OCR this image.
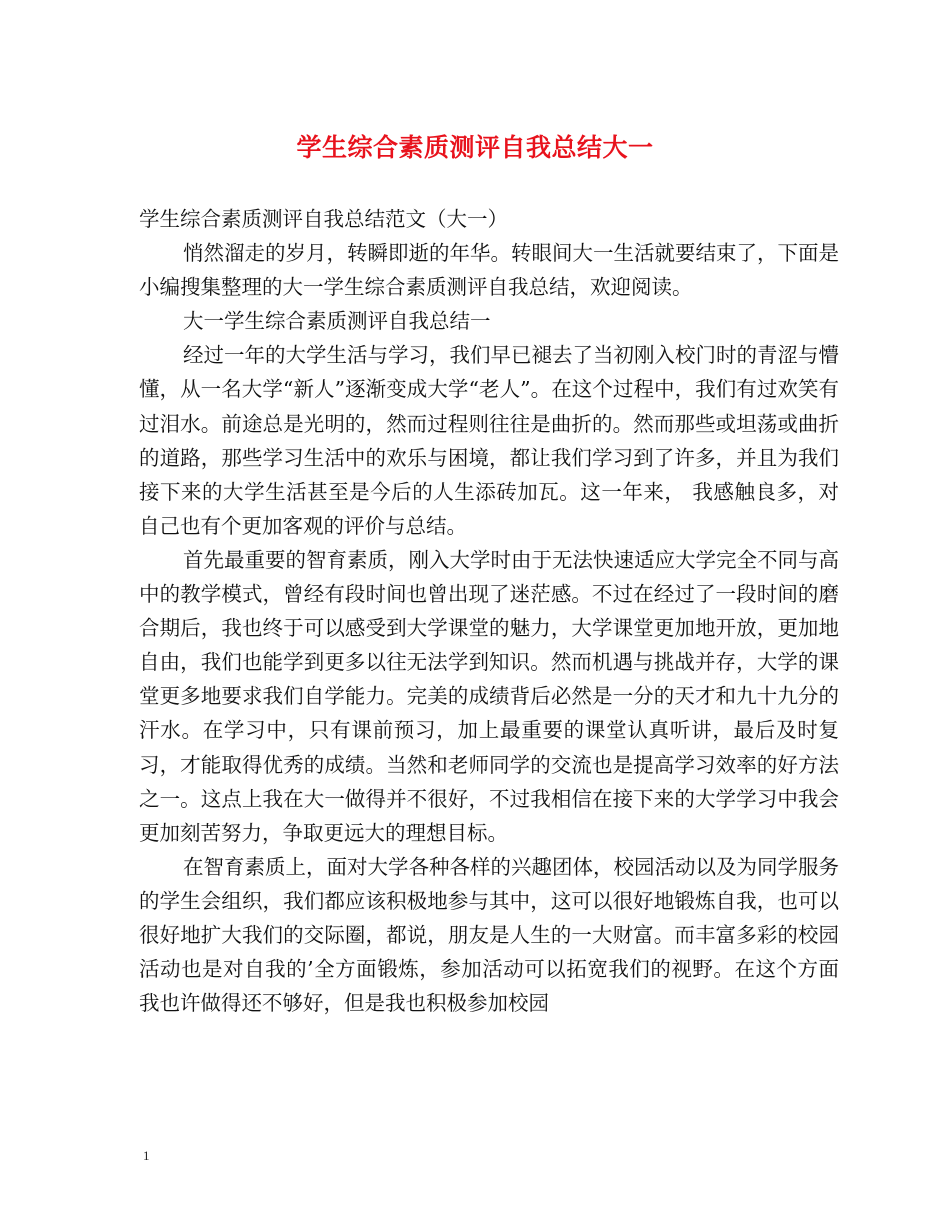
学生综合素质测评自我总结大一

学生综合素质测评自我总结范文（大一）

悄然溜走的岁月，转瞬即逝的年华。转眼间大一生活就要结束了，下面是小编搜集整理的大一学生综合素质测评自我总结，欢迎阅读。

大一学生综合素质测评自我总结一

经过一年的大学生活与学习，我们早已褪去了当初刚入校门时的青涩与懵懂，从一名大学“新人”逐渐变成大学“老人”。在这个过程中，我们有过欢笑有过泪水。前途总是光明的，然而过程则往往是曲折的。然而那些或坦荡或曲折的道路，那些学习生活中的欢乐与困境，都让我们学习到了许多，并且为我们接下来的大学生活甚至是今后的人生添砖加瓦。这一年来， 我感触良多，对自己也有个更加客观的评价与总结。

首先最重要的智育素质，刚入大学时由于无法快速适应大学完全不同与高中的教学模式，曾经有段时间也曾出现了迷茫感。不过在经过了一段时间的磨合期后，我也终于可以感受到大学课堂的魅力，大学课堂更加地开放，更加地自由，我们也能学到更多以往无法学到知识。然而机遇与挑战并存，大学的课堂更多地要求我们自学能力。完美的成绩背后必然是一分的天才和九十九分的汗水。在学习中，只有课前预习，加上最重要的课堂认真听讲，最后及时复习，才能取得优秀的成绩。当然和老师同学的交流也是提高学习效率的好方法之一。这点上我在大一做得并不很好，不过我相信在接下来的大学学习中我会更加刻苦努力，争取更远大的理想目标。

在智育素质上，面对大学各种各样的兴趣团体，校园活动以及为同学服务的学生会组织，我们都应该积极地参与其中，这可以很好地锻炼自我，也可以很好地扩大我们的交际圈，都说，朋友是人生的一大财富。而丰富多彩的校园活动也是对自我的’全方面锻炼，参加活动可以拓宽我们的视野。在这个方面我也许做得还不够好，但是我也积极参加校园

1
